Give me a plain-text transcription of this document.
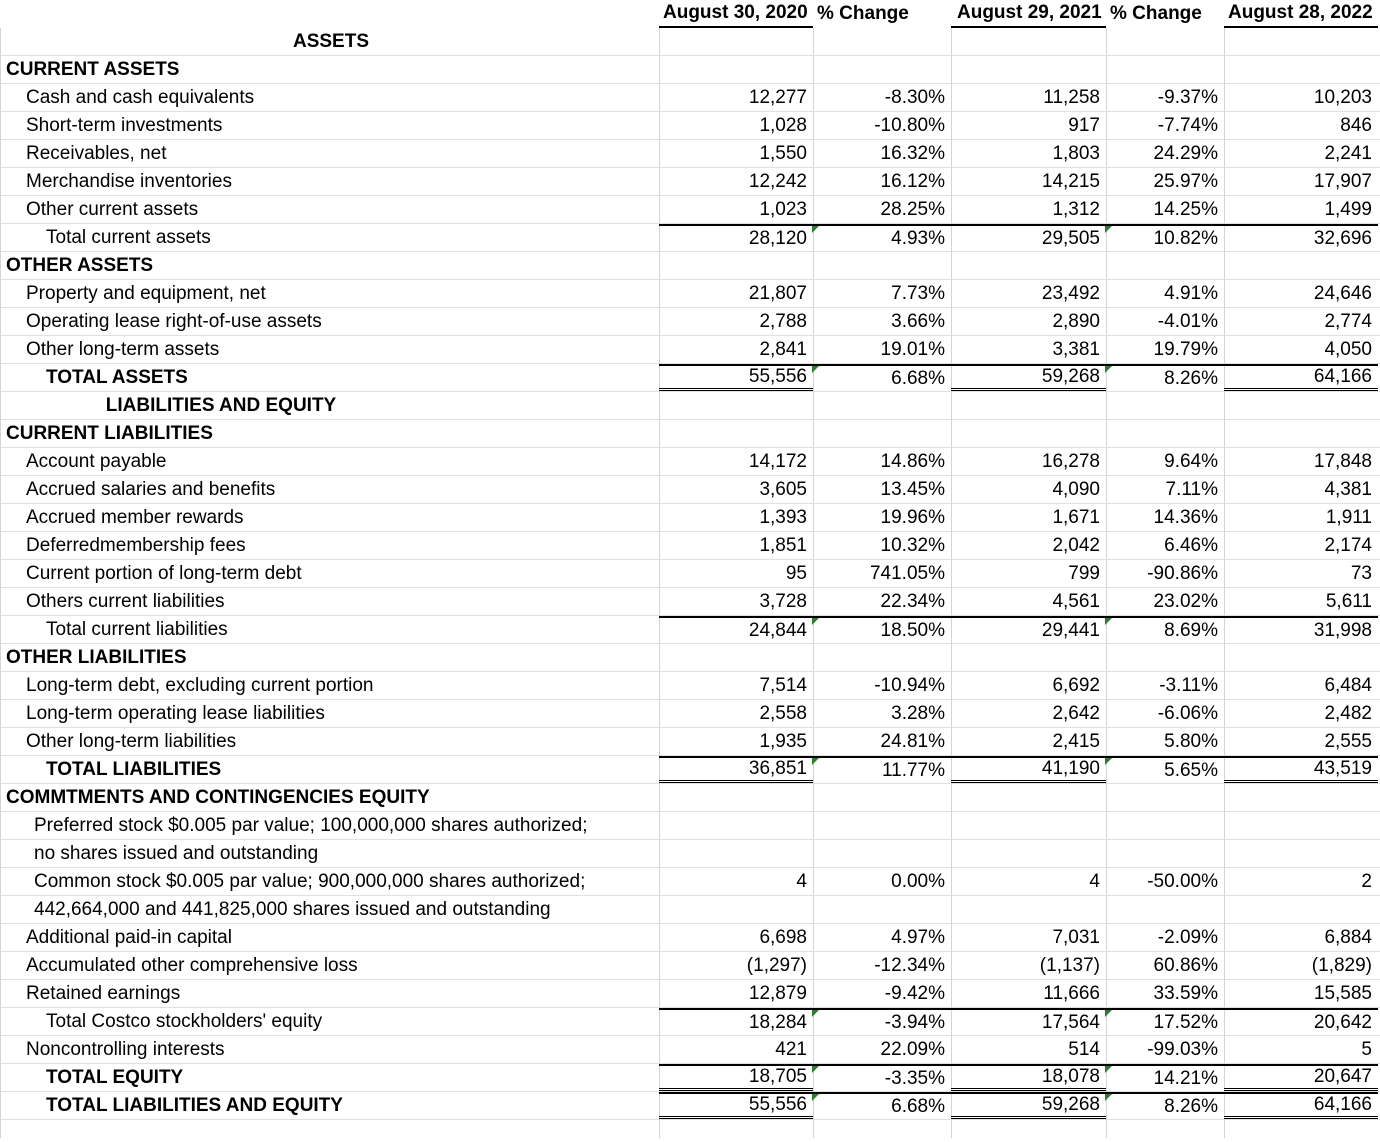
August 30, 2020 % Change	August 29, 2021 % Change	August 28, 2022
ASSETS
CURRENT ASSETS
Cash and cash equivalents	12,277	-8.30%	11,258	-9.37%	10,203
Short-term investments	1,028	-10.80%	917	-7.74%	846
Receivables, net	1,550	16.32%	1,803	24.29%	2,241
Merchandise inventories	12,242	16.12%	14,215	25.97%	17,907
Other current assets	1,023	28.25%	1,312	14.25%	1,499
Total current assets	28,120	4.93%	29,505	10.82%	32,696
OTHER ASSETS
Property and equipment, net	21,807	7.73%	23,492	4.91%	24,646
Operating lease right-of-use assets	2,788	3.66%	2,890	-4.01%	2,774
Other long-term assets	2,841	19.01%	3,381	19.79%	4,050
TOTAL ASSETS	55,556	6.68%	59,268	8.26%	64,166
LIABILITIES AND EQUITY
CURRENT LIABILITIES
Account payable	14,172	14.86%	16,278	9.64%	17,848
Accrued salaries and benefits	3,605	13.45%	4,090	7.11%	4,381
Accrued member rewards	1,393	19.96%	1,671	14.36%	1,911
Deferredmembership fees	1,851	10.32%	2,042	6.46%	2,174
Current portion of long-term debt	95	741.05%	799	-90.86%	73
Others current liabilities	3,728	22.34%	4,561	23.02%	5,611
Total current liabilities	24,844	18.50%	29,441	8.69%	31,998
OTHER LIABILITIES
Long-term debt, excluding current portion	7,514	-10.94%	6,692	-3.11%	6,484
Long-term operating lease liabilities	2,558	3.28%	2,642	-6.06%	2,482
Other long-term liabilities	1,935	24.81%	2,415	5.80%	2,555
TOTAL LIABILITIES	36,851	11.77%	41,190	5.65%	43,519
COMMTMENTS AND CONTINGENCIES EQUITY
Preferred stock $0.005 par value; 100,000,000 shares authorized;
no shares issued and outstanding
Common stock $0.005 par value; 900,000,000 shares authorized;	4	0.00%	4	-50.00%	2
442,664,000 and 441,825,000 shares issued and outstanding
Additional paid-in capital	6,698	4.97%	7,031	-2.09%	6,884
Accumulated other comprehensive loss	(1,297)	-12.34%	(1,137)	60.86%	(1,829)
Retained earnings	12,879	-9.42%	11,666	33.59%	15,585
Total Costco stockholders' equity	18,284	-3.94%	17,564	17.52%	20,642
Noncontrolling interests	421	22.09%	514	-99.03%	5
TOTAL EQUITY	18,705	-3.35%	18,078	14.21%	20,647
TOTAL LIABILITIES AND EQUITY	55,556	6.68%	59,268	8.26%	64,166
